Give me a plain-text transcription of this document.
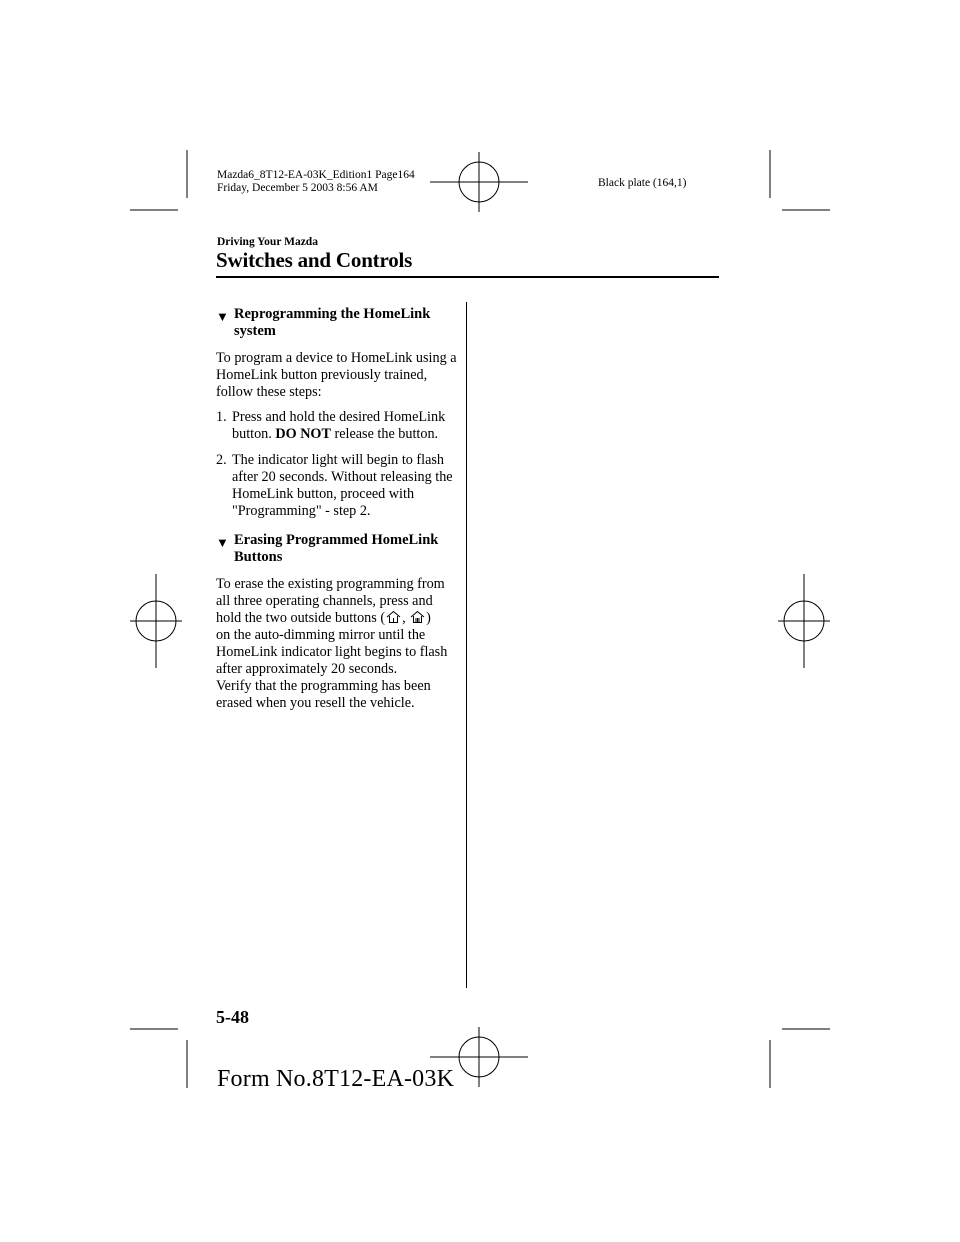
Mazda6_8T12-EA-03K_Edition1 Page164
Friday, December 5 2003 8:56 AM	Black plate (164,1)
Driving Your Mazda
Switches and Controls
▼ Reprogramming the HomeLink
system

To program a device to HomeLink using a
HomeLink button previously trained,
follow these steps:

1. Press and hold the desired HomeLink
button. DO NOT release the button.
2. The indicator light will begin to flash
after 20 seconds. Without releasing the
HomeLink button, proceed with
"Programming" - step 2.
▼ Erasing Programmed HomeLink
Buttons

To erase the existing programming from
all three operating channels, press and
hold the two outside buttons ( , )
on the auto-dimming mirror until the
HomeLink indicator light begins to flash
after approximately 20 seconds.
Verify that the programming has been
erased when you resell the vehicle.

5-48
Form No.8T12-EA-03K
